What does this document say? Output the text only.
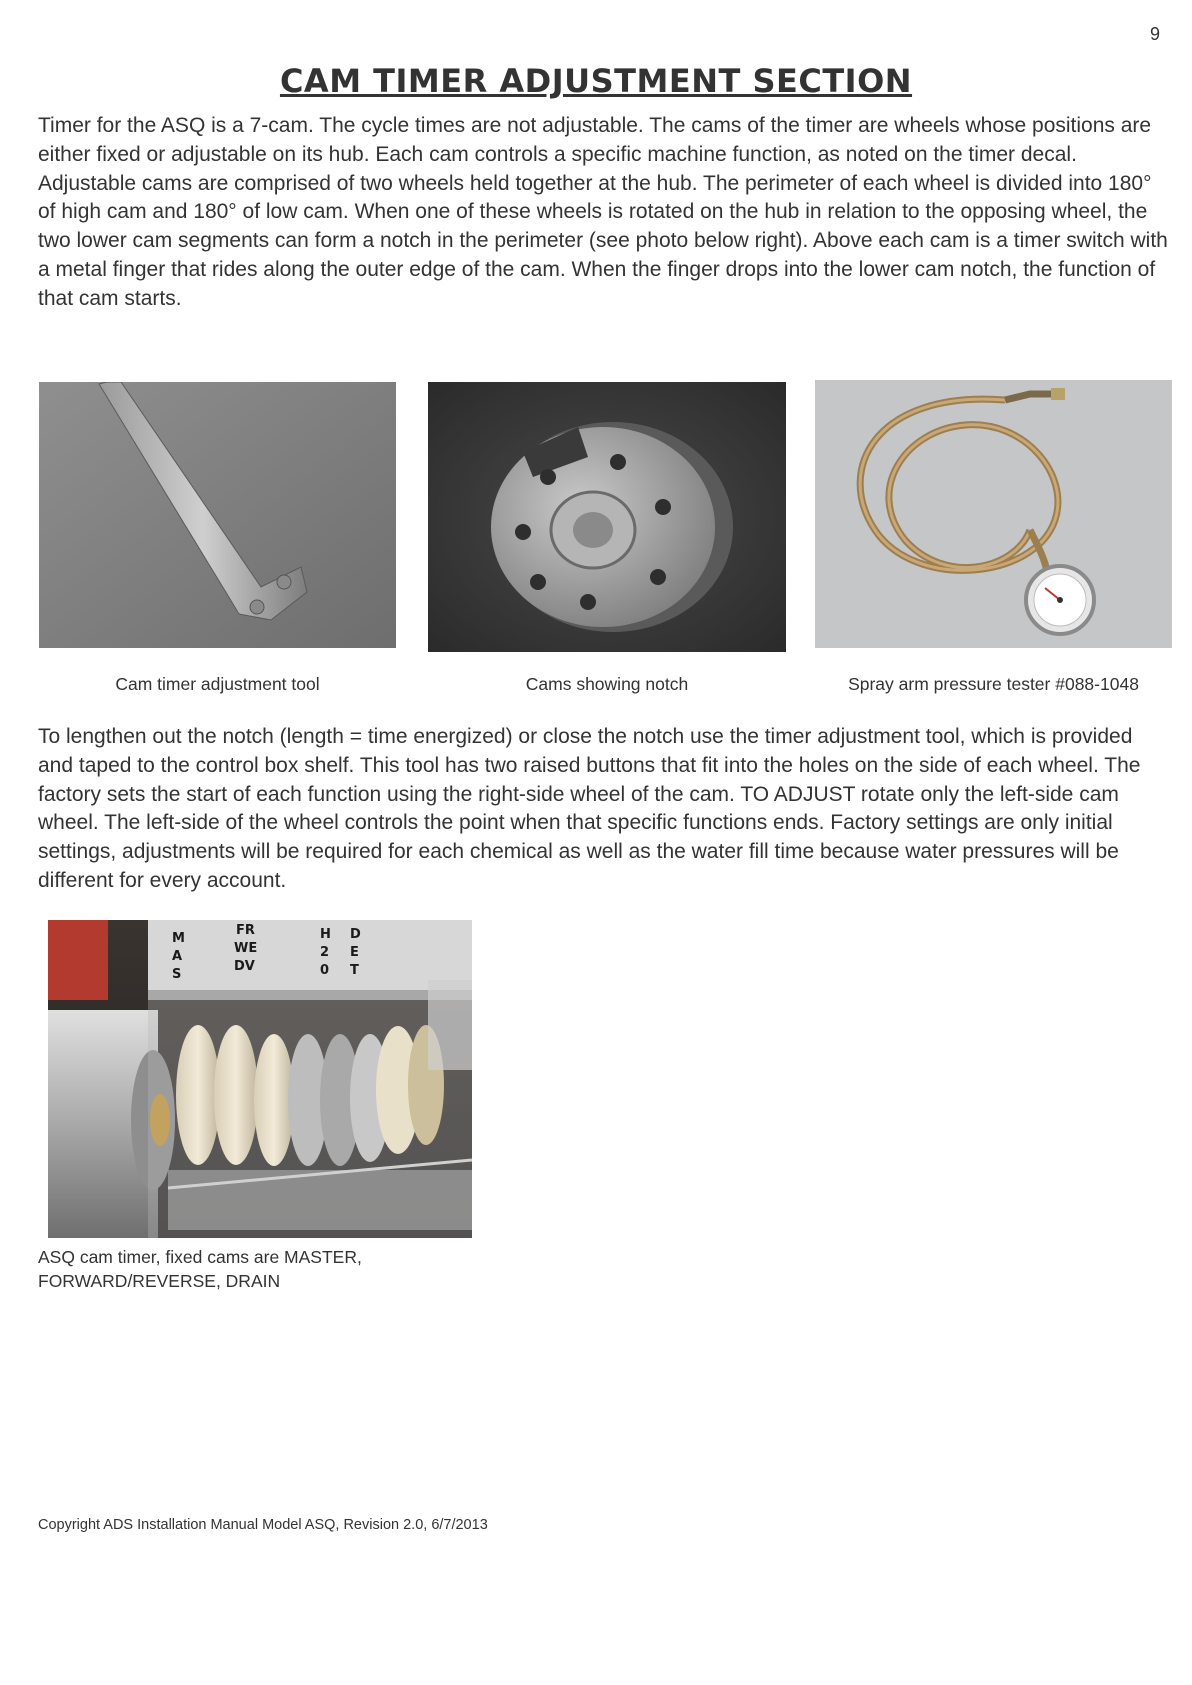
9
CAM TIMER ADJUSTMENT SECTION
Timer for the ASQ is a 7-cam. The cycle times are not adjustable. The cams of the timer are wheels whose positions are either fixed or adjustable on its hub. Each cam controls a specific machine function, as noted on the timer decal. Adjustable cams are comprised of two wheels held together at the hub. The perimeter of each wheel is divided into 180° of high cam and 180° of low cam. When one of these wheels is rotated on the hub in relation to the opposing wheel, the two lower cam segments can form a notch in the perimeter (see photo below right). Above each cam is a timer switch with a metal finger that rides along the outer edge of the cam. When the finger drops into the lower cam notch, the function of that cam starts.
Cam timer adjustment tool	Cams showing notch	Spray arm pressure tester #088-1048
To lengthen out the notch (length = time energized) or close the notch use the timer adjustment tool, which is provided and taped to the control box shelf. This tool has two raised buttons that fit into the holes on the side of each wheel. The factory sets the start of each function using the right-side wheel of the cam. TO ADJUST rotate only the left-side cam wheel. The left-side of the wheel controls the point when that specific functions ends. Factory settings are only initial settings, adjustments will be required for each chemical as well as the water fill time because water pressures will be different for every account.
M
A
S
FR
WE
DV
H
2
0
D
E
T
ASQ cam timer, fixed cams are MASTER,
FORWARD/REVERSE, DRAIN
Copyright ADS Installation Manual Model ASQ, Revision 2.0, 6/7/2013
